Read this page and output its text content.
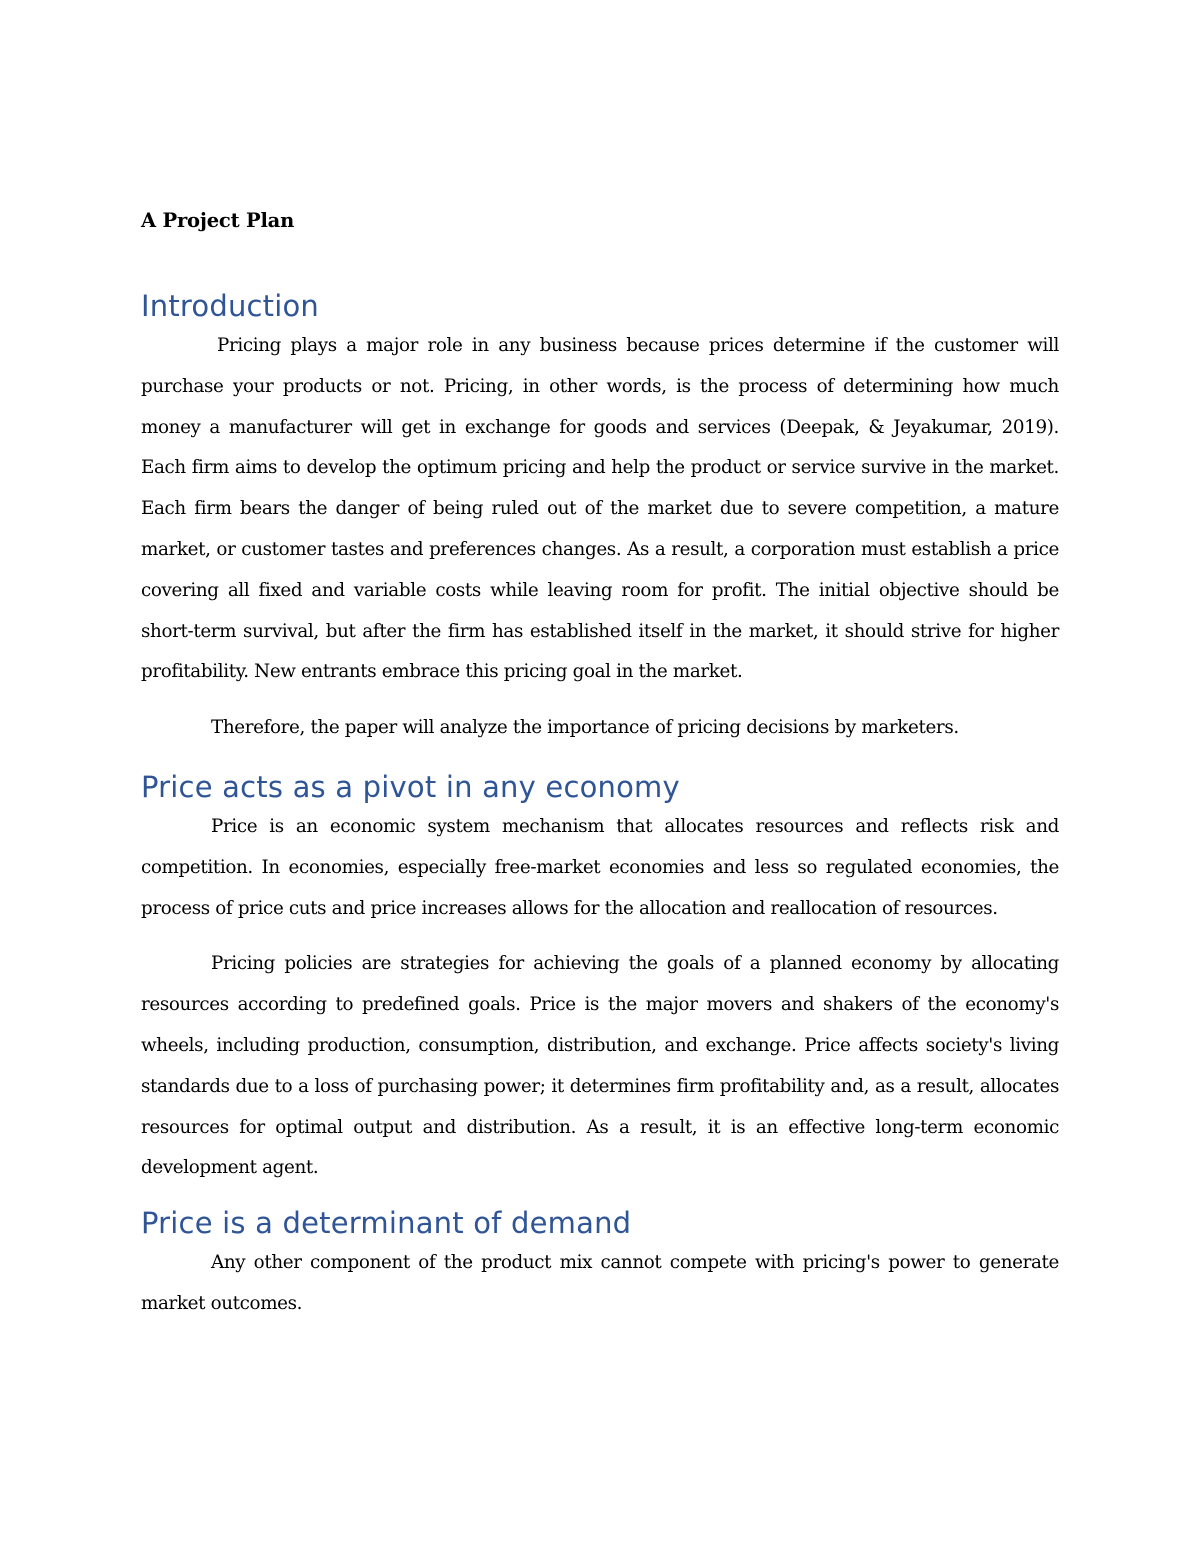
A Project Plan
Introduction

Pricing plays a major role in any business because prices determine if the customer will purchase your products or not. Pricing, in other words, is the process of determining how much money a manufacturer will get in exchange for goods and services (Deepak, & Jeyakumar, 2019). Each firm aims to develop the optimum pricing and help the product or service survive in the market. Each firm bears the danger of being ruled out of the market due to severe competition, a mature market, or customer tastes and preferences changes. As a result, a corporation must establish a price covering all fixed and variable costs while leaving room for profit. The initial objective should be short-term survival, but after the firm has established itself in the market, it should strive for higher profitability. New entrants embrace this pricing goal in the market.

Therefore, the paper will analyze the importance of pricing decisions by marketers.

Price acts as a pivot in any economy

Price is an economic system mechanism that allocates resources and reflects risk and competition. In economies, especially free-market economies and less so regulated economies, the process of price cuts and price increases allows for the allocation and reallocation of resources.

Pricing policies are strategies for achieving the goals of a planned economy by allocating resources according to predefined goals. Price is the major movers and shakers of the economy's wheels, including production, consumption, distribution, and exchange. Price affects society's living standards due to a loss of purchasing power; it determines firm profitability and, as a result, allocates resources for optimal output and distribution. As a result, it is an effective long-term economic development agent.

Price is a determinant of demand

Any other component of the product mix cannot compete with pricing's power to generate market outcomes.
